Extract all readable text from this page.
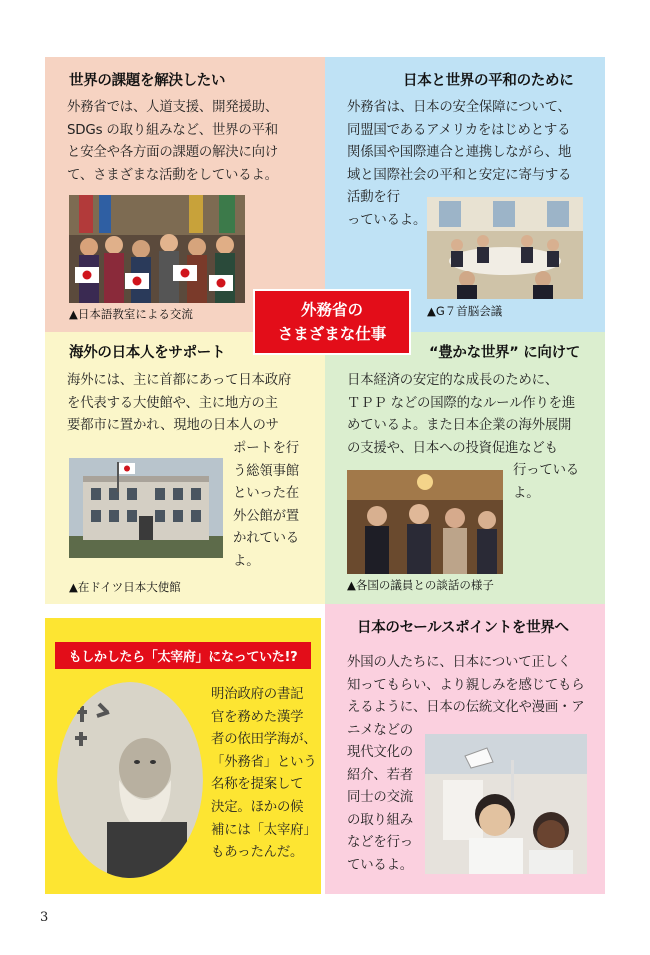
世界の課題を解決したい
外務省では、人道支援、開発援助、
SDGs の取り組みなど、世界の平和
と安全や各方面の課題の解決に向け
て、さまざまな活動をしているよ。
▲日本語教室による交流
日本と世界の平和のために
外務省は、日本の安全保障について、
同盟国であるアメリカをはじめとする
関係国や国際連合と連携しながら、地
域と国際社会の平和と安定に寄与する
活動を行
っているよ。
▲G７首脳会議
海外の日本人をサポート
海外には、主に首都にあって日本政府
を代表する大使館や、主に地方の主
要都市に置かれ、現地の日本人のサ
ポートを行
う総領事館
といった在
外公館が置
かれている
よ。
▲在ドイツ日本大使館
“豊かな世界” に向けて
日本経済の安定的な成長のために、
ＴＰＰ などの国際的なルール作りを進
めているよ。また日本企業の海外展開
の支援や、日本への投資促進なども
行っている
よ。
▲各国の議員との談話の様子
もしかしたら「太宰府」になっていた!?
明治政府の書記
官を務めた漢学
者の依田学海が、
「外務省」という
名称を提案して
決定。ほかの候
補には「太宰府」
もあったんだ。
日本のセールスポイントを世界へ
外国の人たちに、日本について正しく
知ってもらい、より親しみを感じてもら
えるように、日本の伝統文化や漫画・ア
ニメなどの
現代文化の
紹介、若者
同士の交流
の取り組み
などを行っ
ているよ。
外務省の
さまざまな仕事
3
